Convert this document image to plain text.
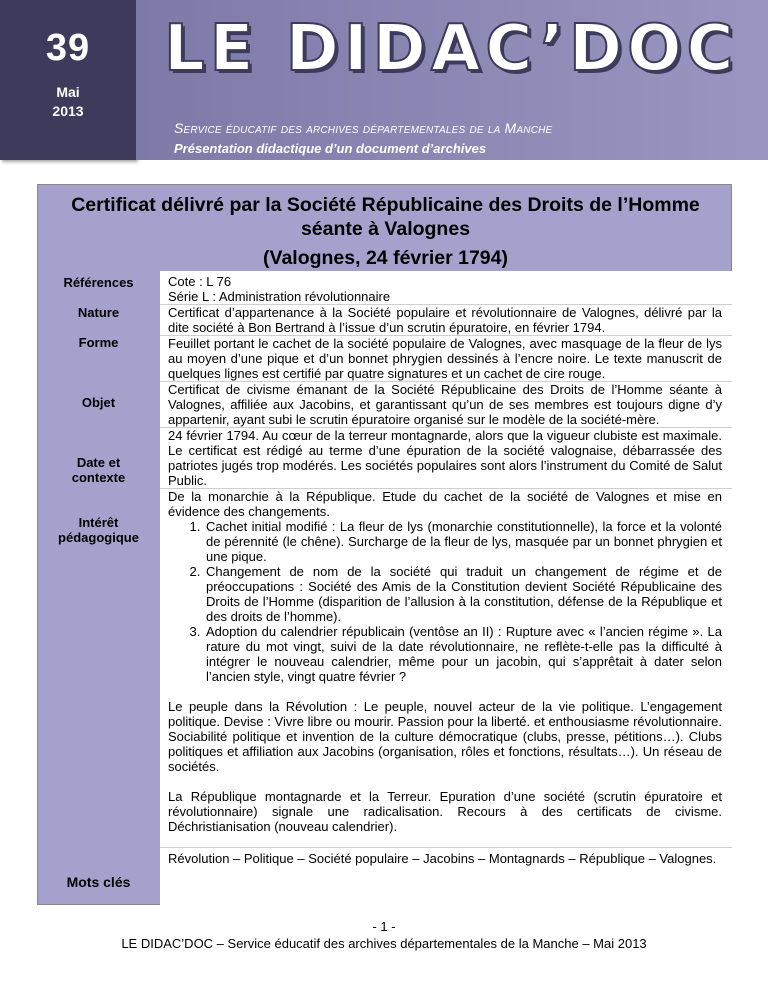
39
Mai
2013
LE DIDAC’DOC
Service éducatif des archives départementales de la Manche
Présentation didactique d’un document d’archives
Certificat délivré par la Société Républicaine des Droits de l’Homme séante à Valognes
(Valognes, 24 février 1794)
Références
Nature
Forme
Objet
Date et contexte
Intérêt pédagogique
Mots clés

Cote : L 76

Série L : Administration révolutionnaire

Certificat d’appartenance à la Société populaire et révolutionnaire de Valognes, délivré par la dite société à Bon Bertrand à l’issue d’un scrutin épuratoire, en février 1794.

Feuillet portant le cachet de la société populaire de Valognes, avec masquage de la fleur de lys au moyen d’une pique et d’un bonnet phrygien dessinés à l’encre noire. Le texte manuscrit de quelques lignes est certifié par quatre signatures et un cachet de cire rouge.

Certificat de civisme émanant de la Société Républicaine des Droits de l’Homme séante à Valognes, affiliée aux Jacobins, et garantissant qu’un de ses membres est toujours digne d’y appartenir, ayant subi le scrutin épuratoire organisé sur le modèle de la société-mère.

24 février 1794. Au cœur de la terreur montagnarde, alors que la vigueur clubiste est maximale. Le certificat est rédigé au terme d’une épuration de la société valognaise, débarrassée des patriotes jugés trop modérés. Les sociétés populaires sont alors l’instrument du Comité de Salut Public.

De la monarchie à la République. Etude du cachet de la société de Valognes et mise en évidence des changements.

1. Cachet initial modifié : La fleur de lys (monarchie constitutionnelle), la force et la volonté de pérennité (le chêne). Surcharge de la fleur de lys, masquée par un bonnet phrygien et une pique.
2. Changement de nom de la société qui traduit un changement de régime et de préoccupations : Société des Amis de la Constitution devient Société Républicaine des Droits de l’Homme (disparition de l’allusion à la constitution, défense de la République et des droits de l’homme).
3. Adoption du calendrier républicain (ventôse an II) : Rupture avec « l’ancien régime ». La rature du mot vingt, suivi de la date révolutionnaire, ne reflète-t-elle pas la difficulté à intégrer le nouveau calendrier, même pour un jacobin, qui s’apprêtait à dater selon l’ancien style, vingt quatre février ?

Le peuple dans la Révolution : Le peuple, nouvel acteur de la vie politique. L’engagement politique. Devise : Vivre libre ou mourir. Passion pour la liberté. et enthousiasme révolutionnaire. Sociabilité politique et invention de la culture démocratique (clubs, presse, pétitions…). Clubs politiques et affiliation aux Jacobins (organisation, rôles et fonctions, résultats…). Un réseau de sociétés.

La République montagnarde et la Terreur. Epuration d’une société (scrutin épuratoire et révolutionnaire) signale une radicalisation. Recours à des certificats de civisme. Déchristianisation (nouveau calendrier).

Révolution – Politique – Société populaire – Jacobins – Montagnards – République – Valognes.

- 1 -
LE DIDAC’DOC – Service éducatif des archives départementales de la Manche – Mai 2013
